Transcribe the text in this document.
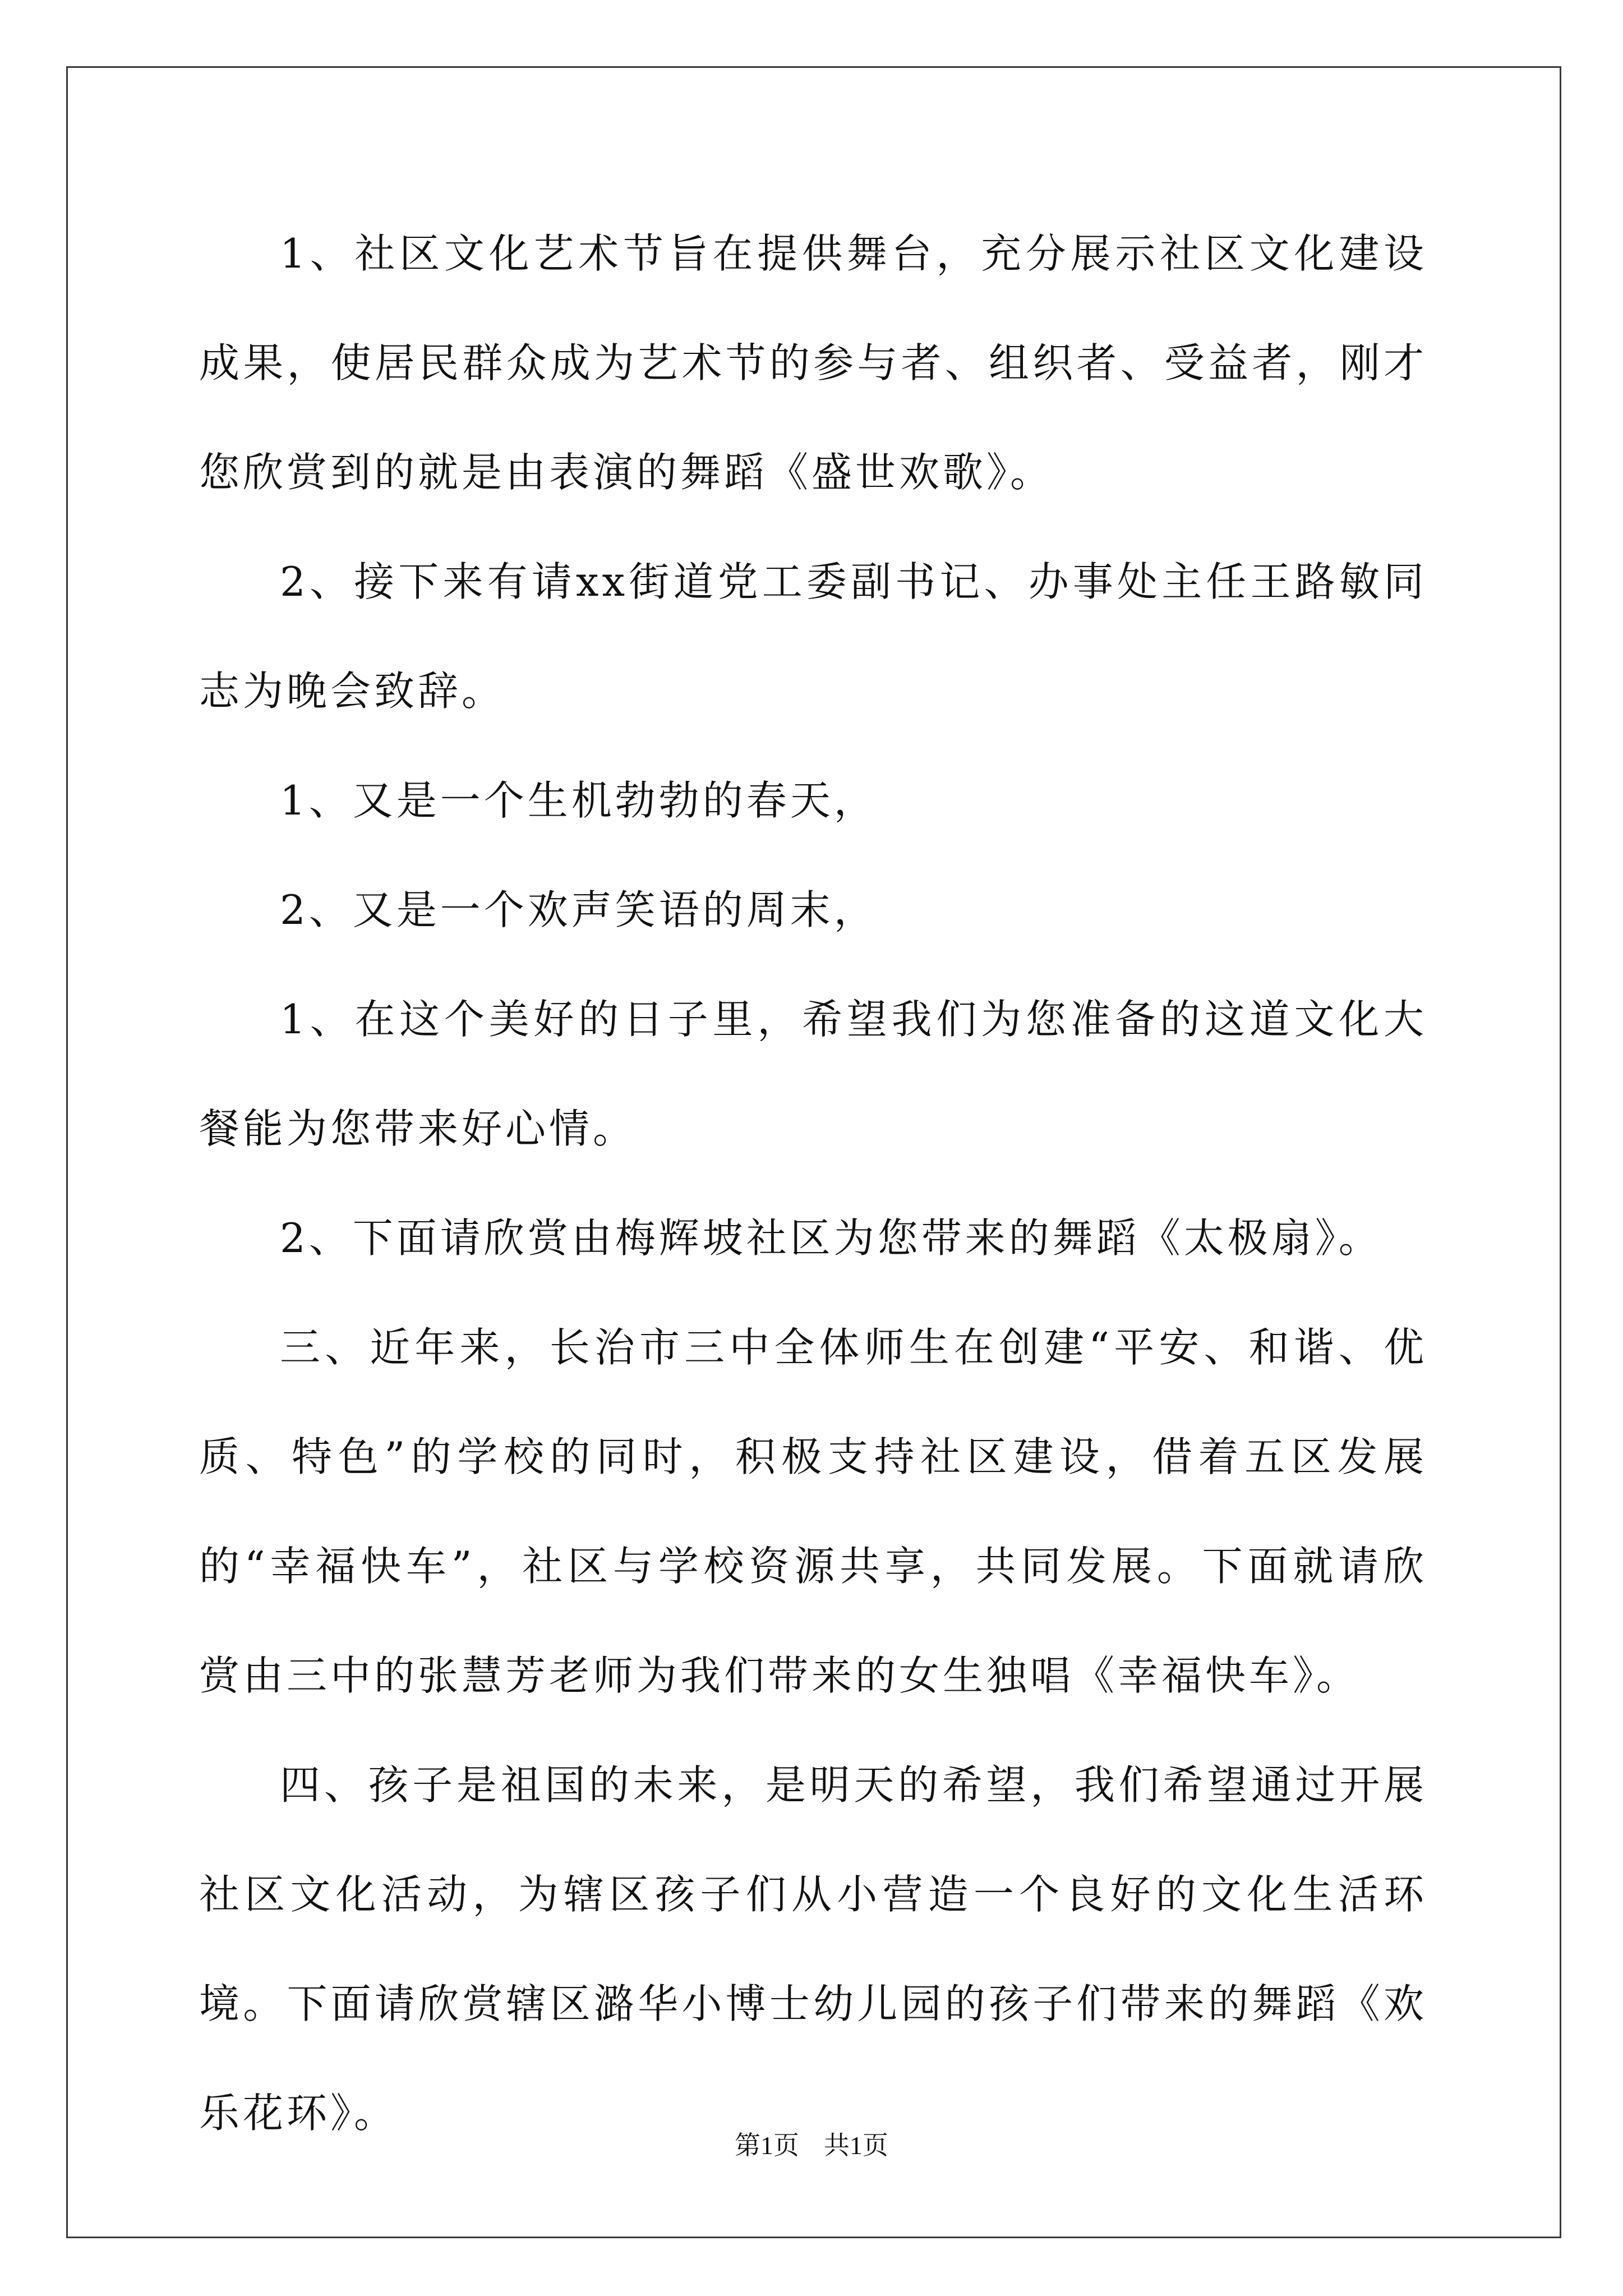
1、社区文化艺术节旨在提供舞台，充分展示社区文化建设成果，使居民群众成为艺术节的参与者、组织者、受益者，刚才您欣赏到的就是由表演的舞蹈《盛世欢歌》。

2、接下来有请xx街道党工委副书记、办事处主任王路敏同志为晚会致辞。

1、又是一个生机勃勃的春天，

2、又是一个欢声笑语的周末，

1、在这个美好的日子里，希望我们为您准备的这道文化大餐能为您带来好心情。

2、下面请欣赏由梅辉坡社区为您带来的舞蹈《太极扇》。

三、近年来，长治市三中全体师生在创建“平安、和谐、优质、特色”的学校的同时，积极支持社区建设，借着五区发展的“幸福快车”，社区与学校资源共享，共同发展。下面就请欣赏由三中的张慧芳老师为我们带来的女生独唱《幸福快车》。

四、孩子是祖国的未来，是明天的希望，我们希望通过开展社区文化活动，为辖区孩子们从小营造一个良好的文化生活环境。下面请欣赏辖区潞华小博士幼儿园的孩子们带来的舞蹈《欢乐花环》。

第1页 共1页
